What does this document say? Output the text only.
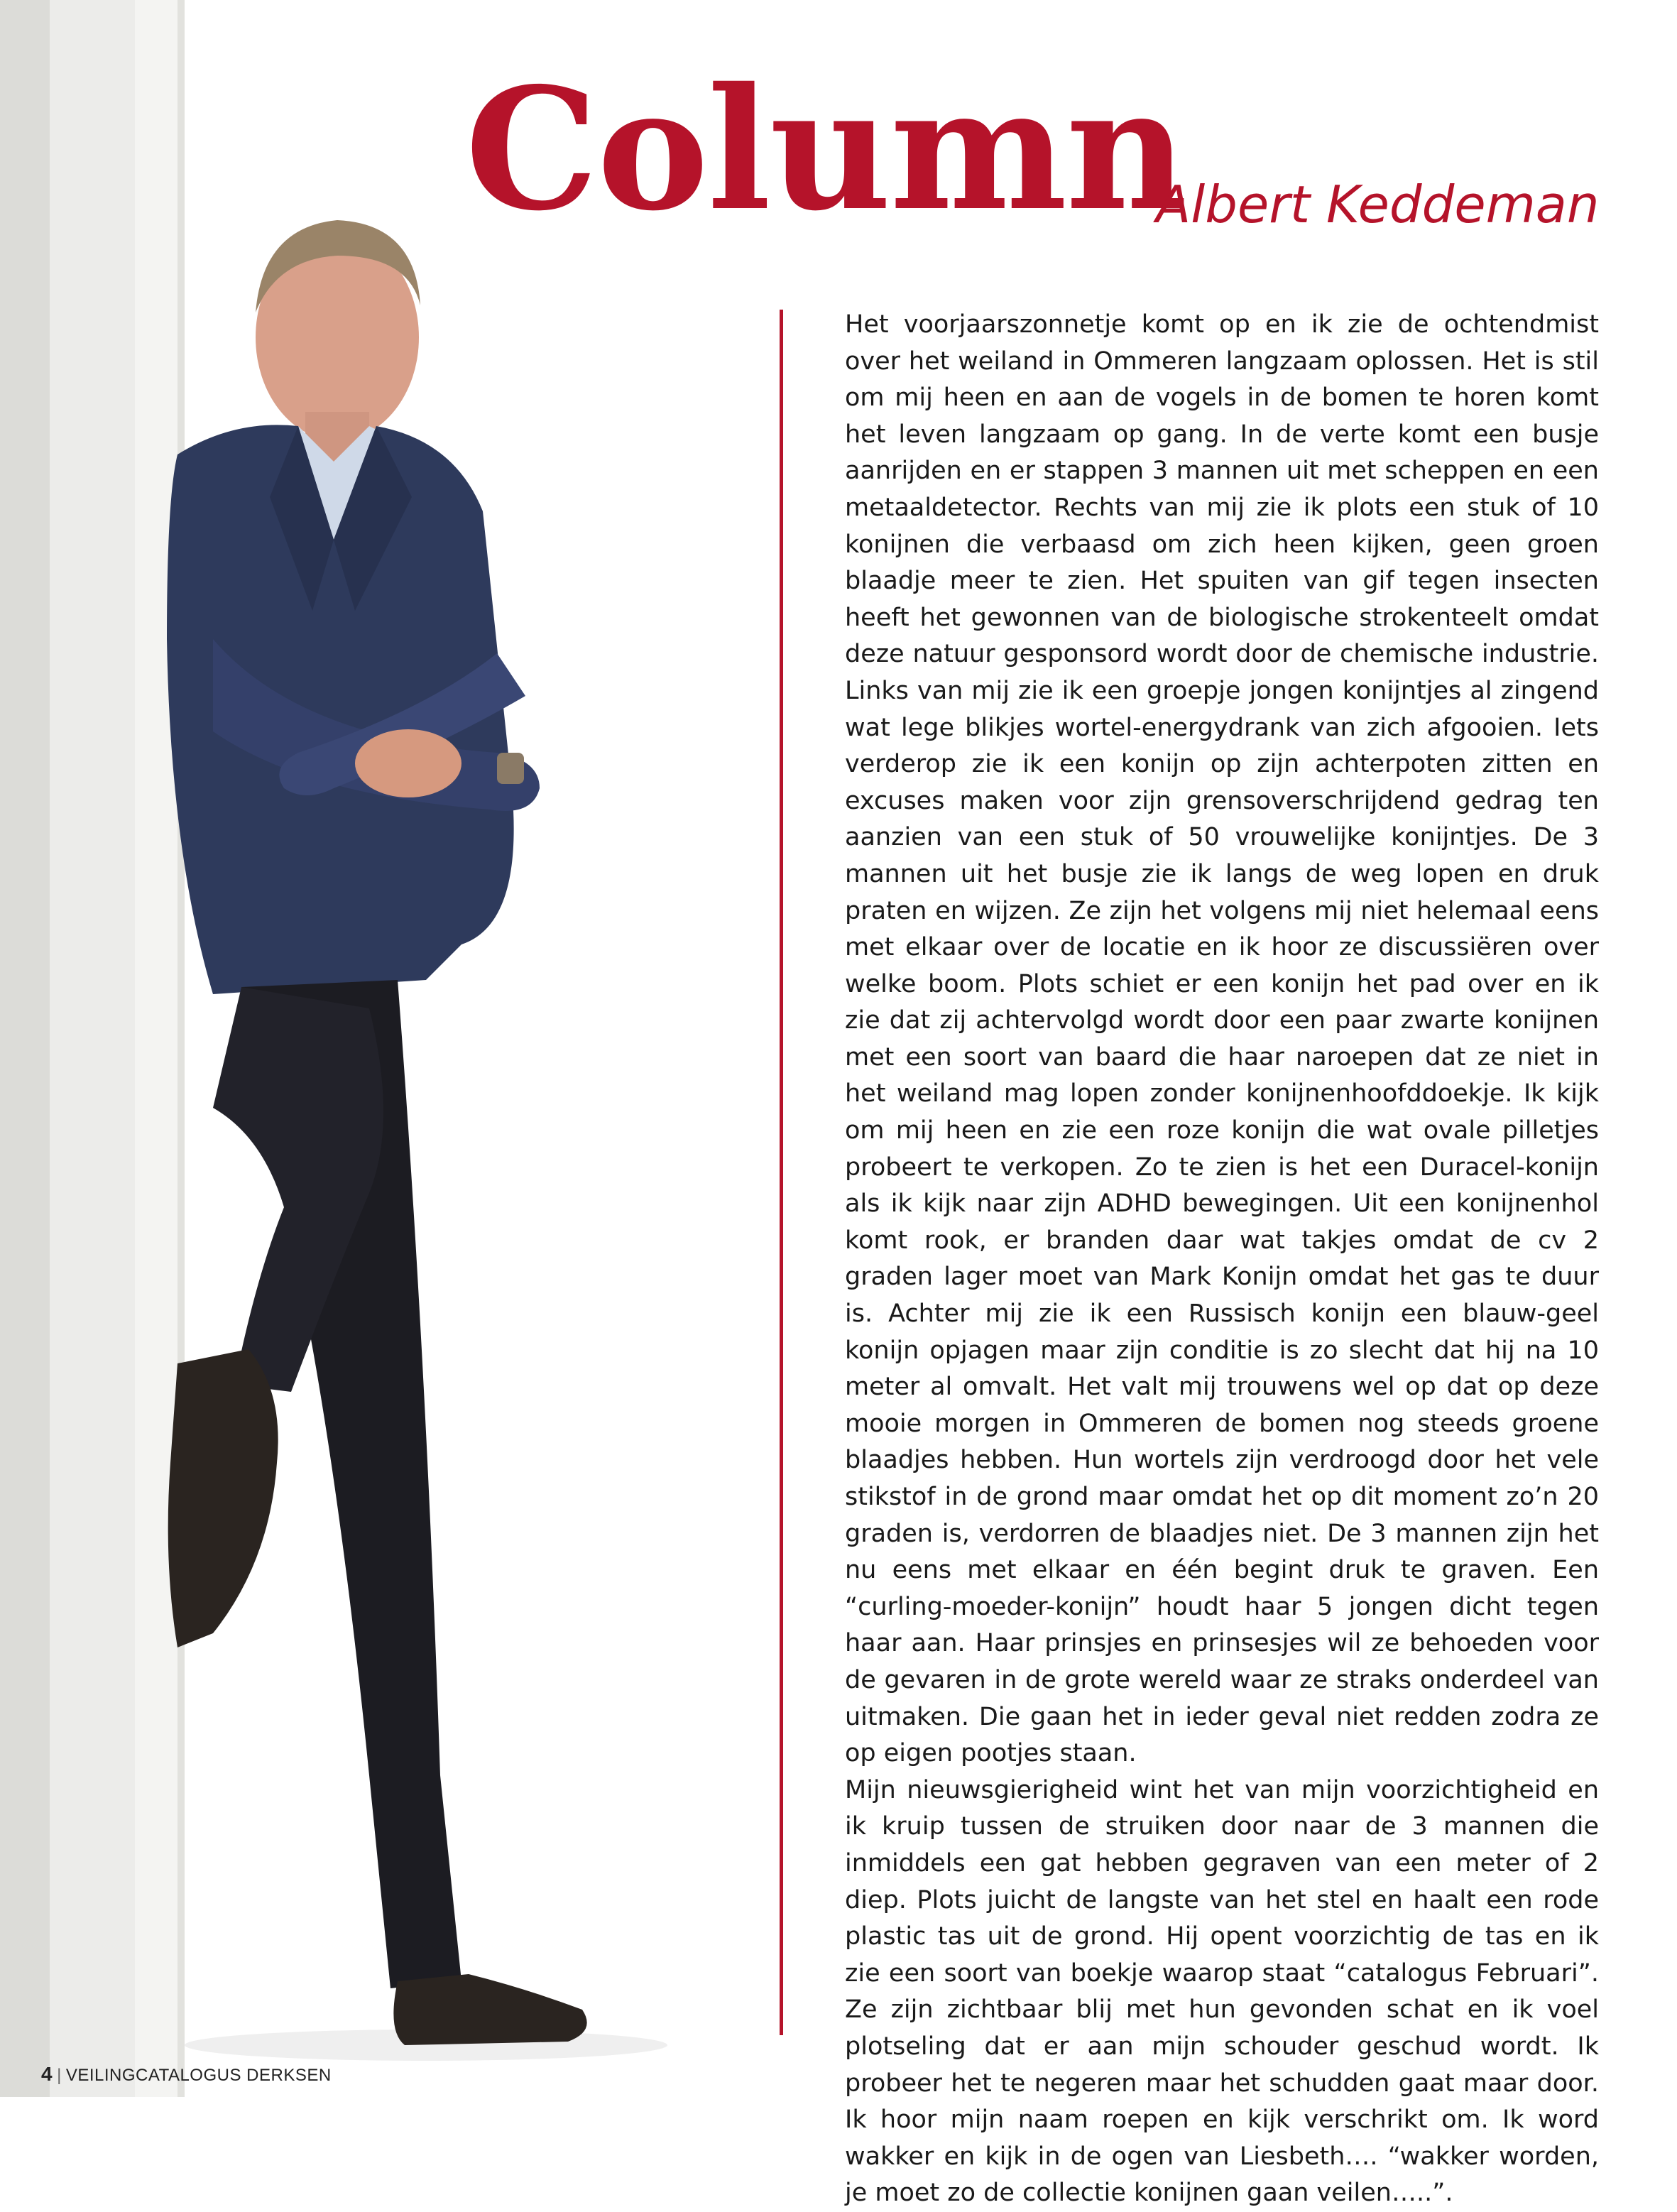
Column
Albert Keddeman

Het voorjaarszonnetje komt op en ik zie de ochtendmist over het weiland in Ommeren langzaam oplossen. Het is stil om mij heen en aan de vogels in de bomen te horen komt het leven langzaam op gang. In de verte komt een busje aanrijden en er stappen 3 mannen uit met scheppen en een metaaldetector. Rechts van mij zie ik plots een stuk of 10 konijnen die verbaasd om zich heen kijken, geen groen blaadje meer te zien. Het spuiten van gif tegen insecten heeft het gewonnen van de biologische strokenteelt omdat deze natuur gesponsord wordt door de chemische industrie. Links van mij zie ik een groepje jongen konijntjes al zingend wat lege blikjes wortel-energydrank van zich afgooien. Iets verderop zie ik een konijn op zijn achterpoten zitten en excuses maken voor zijn grensoverschrijdend gedrag ten aanzien van een stuk of 50 vrouwelijke konijntjes. De 3 mannen uit het busje zie ik langs de weg lopen en druk praten en wijzen. Ze zijn het volgens mij niet helemaal eens met elkaar over de locatie en ik hoor ze discussiëren over welke boom. Plots schiet er een konijn het pad over en ik zie dat zij achtervolgd wordt door een paar zwarte konijnen met een soort van baard die haar naroepen dat ze niet in het weiland mag lopen zonder konijnenhoofddoekje. Ik kijk om mij heen en zie een roze konijn die wat ovale pilletjes probeert te verkopen. Zo te zien is het een Duracel-konijn als ik kijk naar zijn ADHD bewegingen. Uit een konijnenhol komt rook, er branden daar wat takjes omdat de cv 2 graden lager moet van Mark Konijn omdat het gas te duur is. Achter mij zie ik een Russisch konijn een blauw-geel konijn opjagen maar zijn conditie is zo slecht dat hij na 10 meter al omvalt. Het valt mij trouwens wel op dat op deze mooie morgen in Ommeren de bomen nog steeds groene blaadjes hebben. Hun wortels zijn verdroogd door het vele stikstof in de grond maar omdat het op dit moment zo’n 20 graden is, verdorren de blaadjes niet. De 3 mannen zijn het nu eens met elkaar en één begint druk te graven. Een “curling-moeder-konijn” houdt haar 5 jongen dicht tegen haar aan. Haar prinsjes en prinsesjes wil ze behoeden voor de gevaren in de grote wereld waar ze straks onderdeel van uitmaken. Die gaan het in ieder geval niet redden zodra ze op eigen pootjes staan.

Mijn nieuwsgierigheid wint het van mijn voorzichtigheid en ik kruip tussen de struiken door naar de 3 mannen die inmiddels een gat hebben gegraven van een meter of 2 diep. Plots juicht de langste van het stel en haalt een rode plastic tas uit de grond. Hij opent voorzichtig de tas en ik zie een soort van boekje waarop staat “catalogus Februari”. Ze zijn zichtbaar blij met hun gevonden schat en ik voel plotseling dat er aan mijn schouder geschud wordt. Ik probeer het te negeren maar het schudden gaat maar door. Ik hoor mijn naam roepen en kijk verschrikt om. Ik word wakker en kijk in de ogen van Liesbeth…. “wakker worden, je moet zo de collectie konijnen gaan veilen…..”.

4 | VEILINGCATALOGUS DERKSEN
